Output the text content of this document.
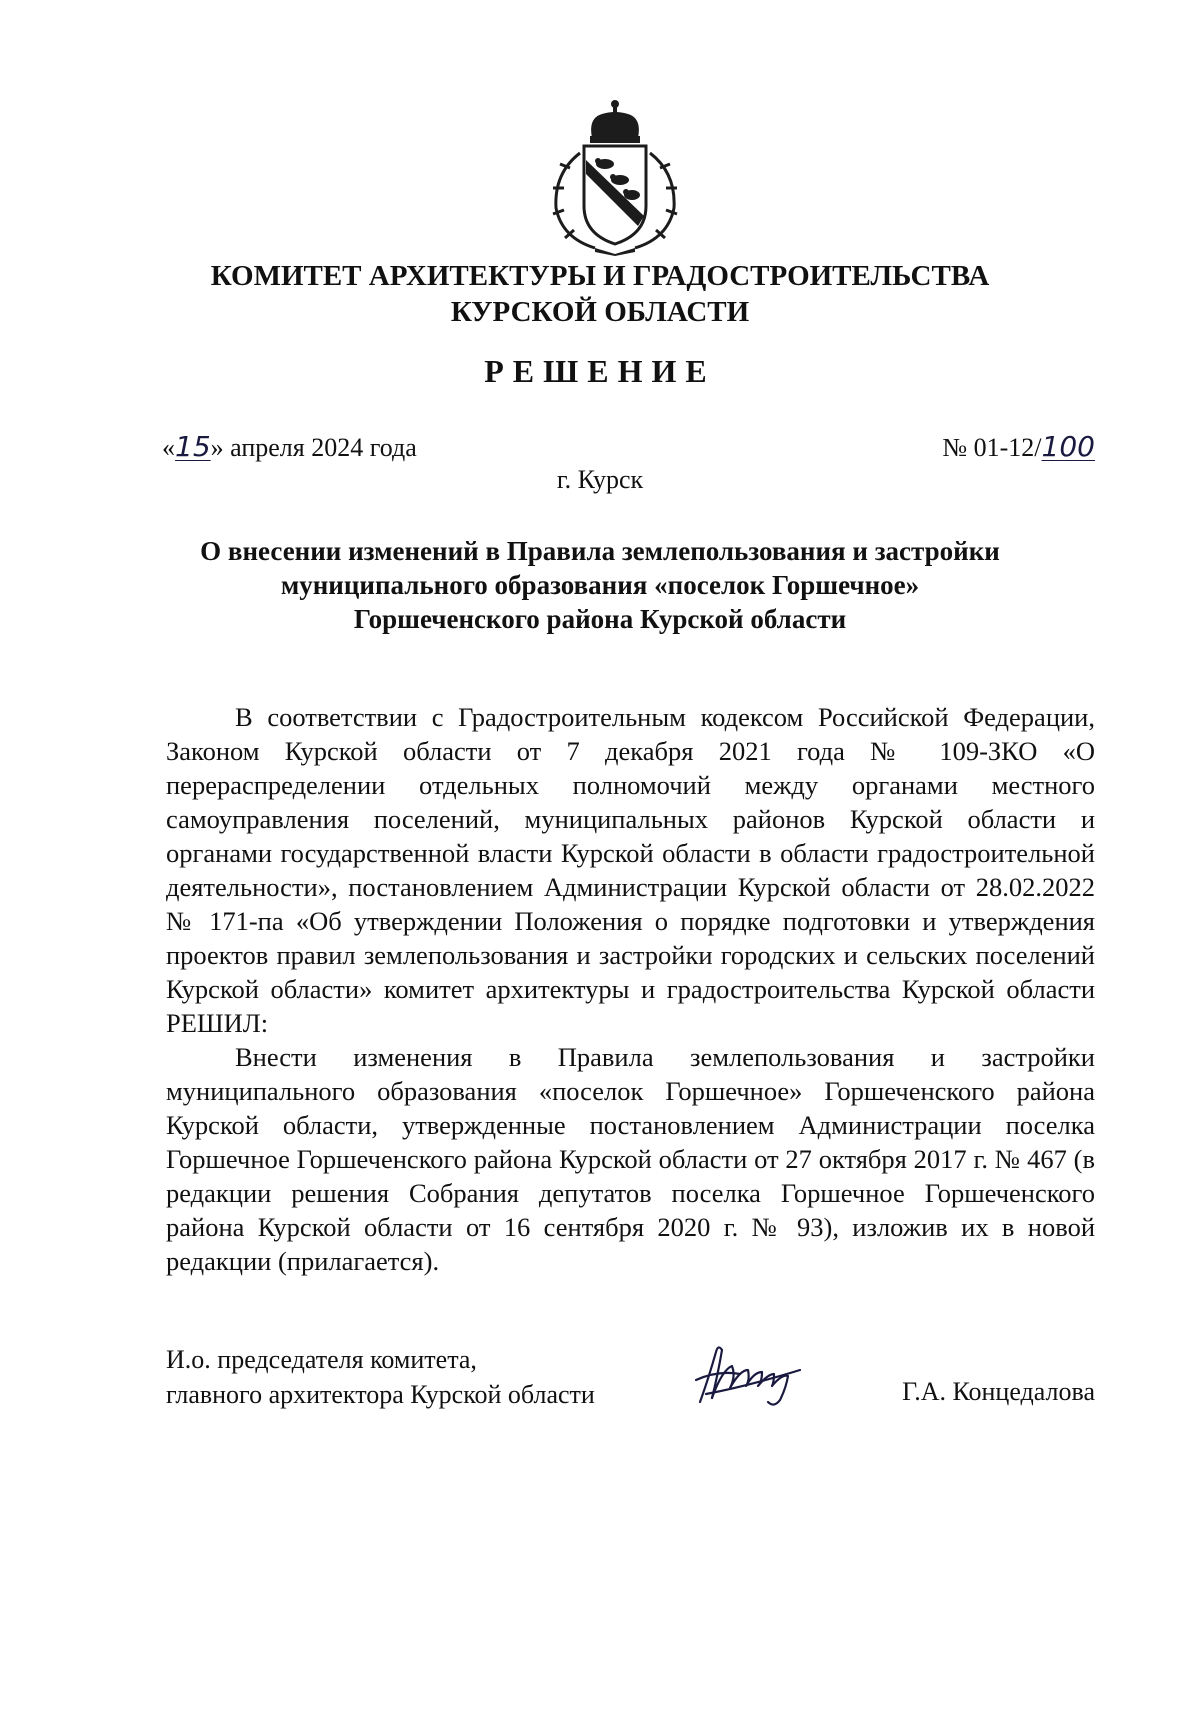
КОМИТЕТ АРХИТЕКТУРЫ И ГРАДОСТРОИТЕЛЬСТВА
КУРСКОЙ ОБЛАСТИ
РЕШЕНИЕ
«15» апреля 2024 года	№ 01-12/100
г. Курск
О внесении изменений в Правила землепользования и застройки
муниципального образования «поселок Горшечное»
Горшеченского района Курской области

В соответствии с Градостроительным кодексом Российской Федерации, Законом Курской области от 7 декабря 2021 года № 109-ЗКО «О перераспределении отдельных полномочий между органами местного самоуправления поселений, муниципальных районов Курской области и органами государственной власти Курской области в области градостроительной деятельности», постановлением Администрации Курской области от 28.02.2022 № 171-па «Об утверждении Положения о порядке подготовки и утверждения проектов правил землепользования и застройки городских и сельских поселений Курской области» комитет архитектуры и градостроительства Курской области РЕШИЛ:

Внести изменения в Правила землепользования и застройки муниципального образования «поселок Горшечное» Горшеченского района Курской области, утвержденные постановлением Администрации поселка Горшечное Горшеченского района Курской области от 27 октября 2017 г. № 467 (в редакции решения Собрания депутатов поселка Горшечное Горшеченского района Курской области от 16 сентября 2020 г. № 93), изложив их в новой редакции (прилагается).

И.о. председателя комитета,
главного архитектора Курской области	Г.А. Концедалова
